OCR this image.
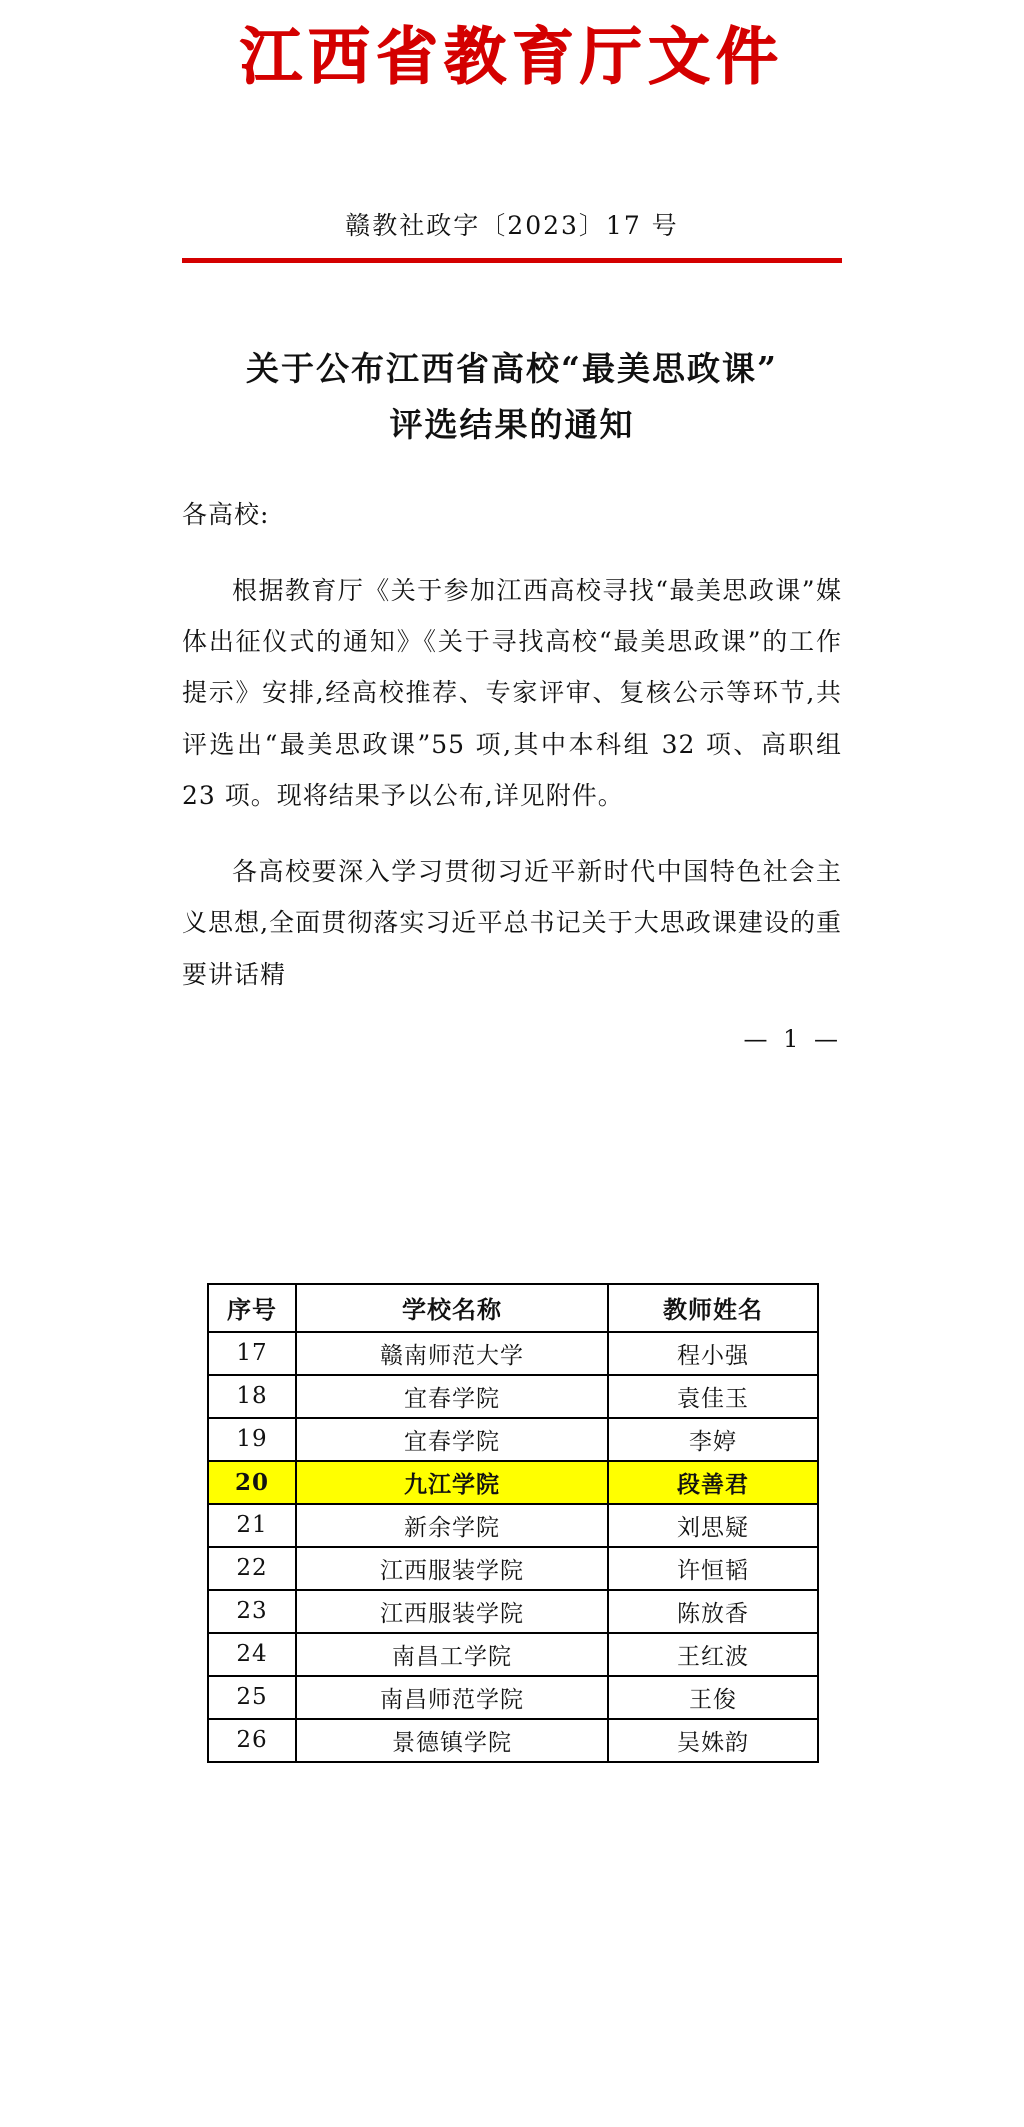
江西省教育厅文件
赣教社政字〔2023〕17 号
关于公布江西省高校“最美思政课”
评选结果的通知

各高校:

根据教育厅《关于参加江西高校寻找“最美思政课”媒体出征仪式的通知》《关于寻找高校“最美思政课”的工作提示》安排,经高校推荐、专家评审、复核公示等环节,共评选出“最美思政课”55 项,其中本科组 32 项、高职组 23 项。现将结果予以公布,详见附件。

各高校要深入学习贯彻习近平新时代中国特色社会主义思想,全面贯彻落实习近平总书记关于大思政课建设的重要讲话精

— 1 —
序号	学校名称	教师姓名
17	赣南师范大学	程小强
18	宜春学院	袁佳玉
19	宜春学院	李婷
20	九江学院	段善君
21	新余学院	刘思疑
22	江西服装学院	许恒韬
23	江西服装学院	陈放香
24	南昌工学院	王红波
25	南昌师范学院	王俊
26	景德镇学院	吴姝韵
